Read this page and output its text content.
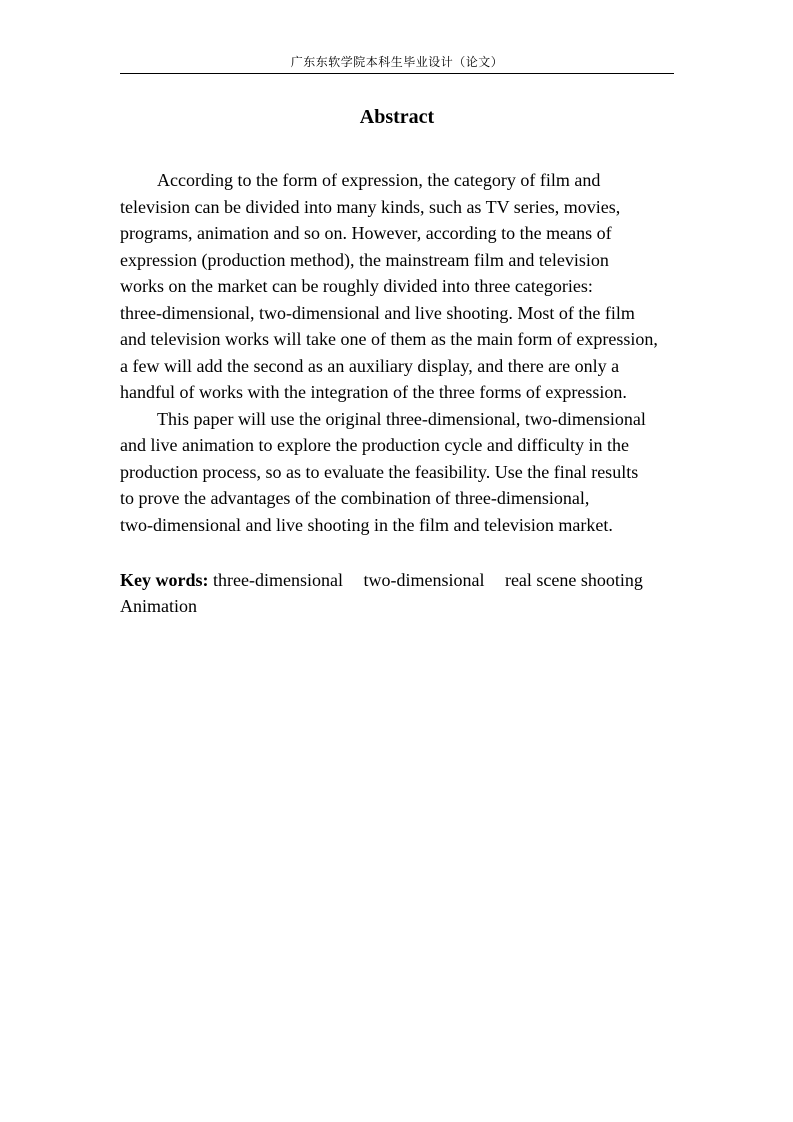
广东东软学院本科生毕业设计（论文）
Abstract
According to the form of expression, the category of film and
television can be divided into many kinds, such as TV series, movies,
programs, animation and so on. However, according to the means of
expression (production method), the mainstream film and television
works on the market can be roughly divided into three categories:
three-dimensional, two-dimensional and live shooting. Most of the film
and television works will take one of them as the main form of expression,
a few will add the second as an auxiliary display, and there are only a
handful of works with the integration of the three forms of expression.
This paper will use the original three-dimensional, two-dimensional
and live animation to explore the production cycle and difficulty in the
production process, so as to evaluate the feasibility. Use the final results
to prove the advantages of the combination of three-dimensional,
two-dimensional and live shooting in the film and television market.
Key words: three-dimensional two-dimensional real scene shooting
Animation
